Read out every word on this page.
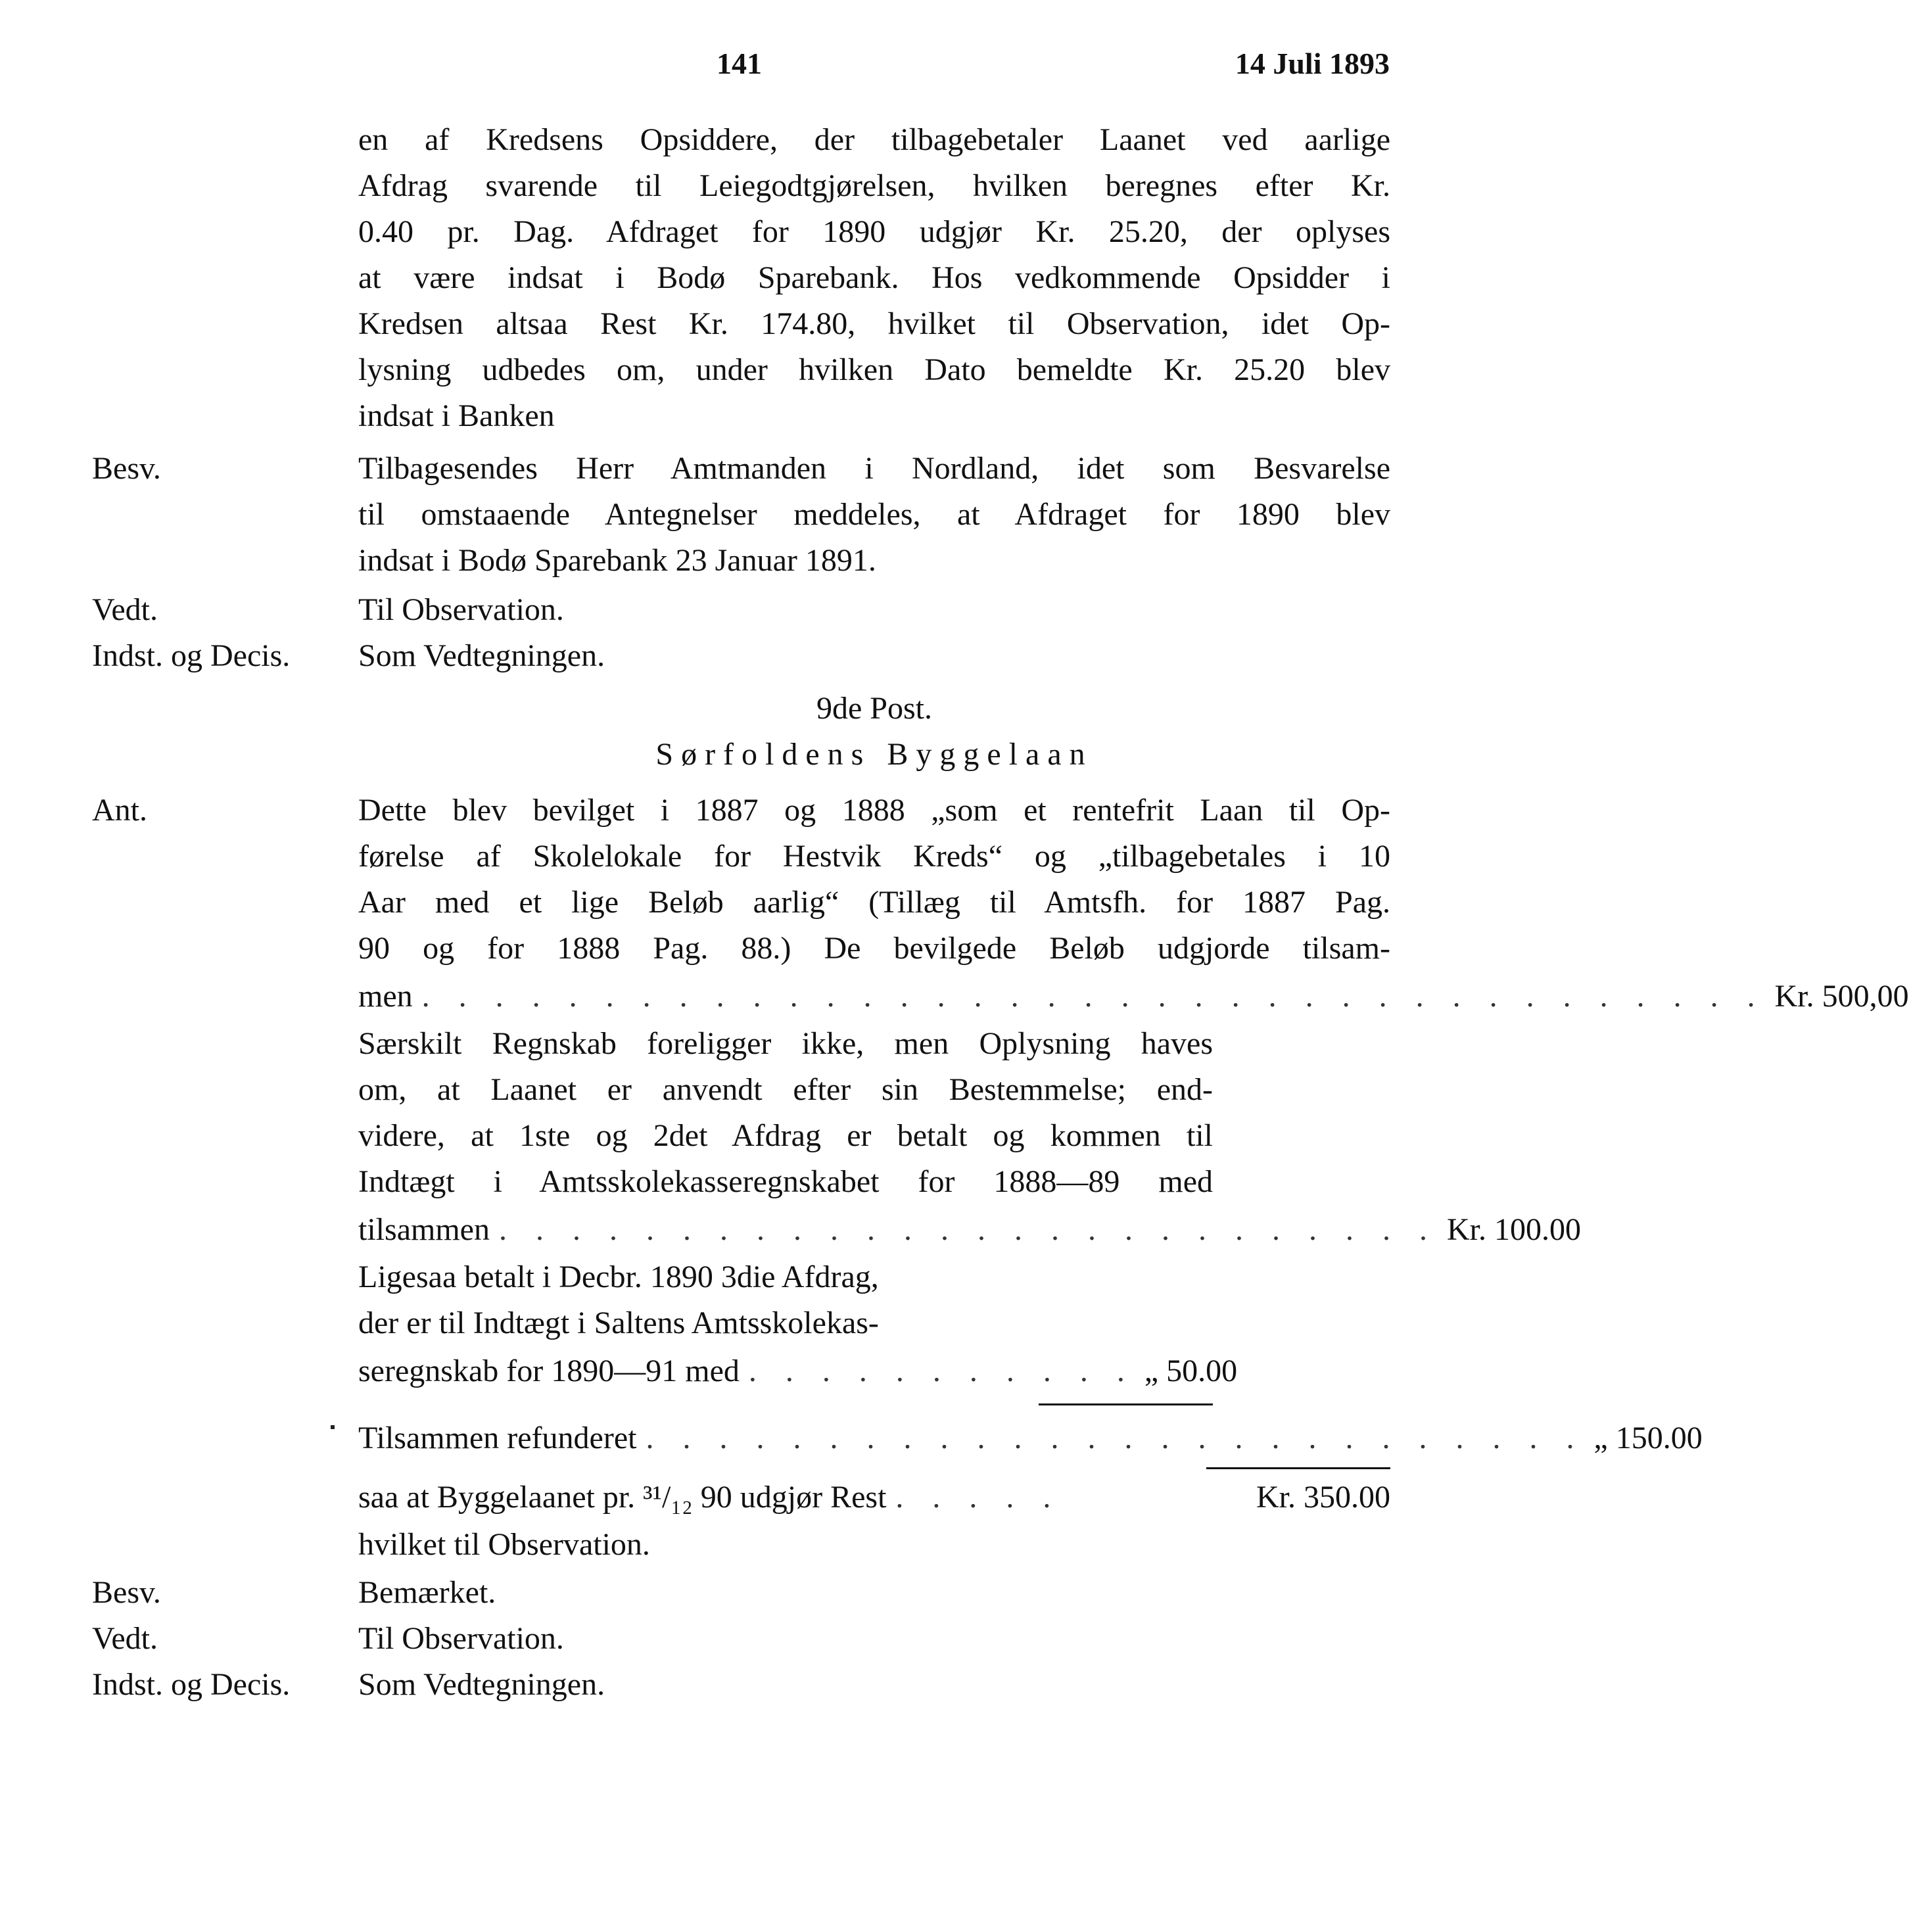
141	14 Juli 1893
en af Kredsens Opsiddere, der tilbagebetaler Laanet ved aarlige
Afdrag svarende til Leiegodtgjørelsen, hvilken beregnes efter Kr.
0.40 pr. Dag. Afdraget for 1890 udgjør Kr. 25.20, der oplyses
at være indsat i Bodø Sparebank. Hos vedkommende Opsidder i
Kredsen altsaa Rest Kr. 174.80, hvilket til Observation, idet Op-
lysning udbedes om, under hvilken Dato bemeldte Kr. 25.20 blev
indsat i Banken
Besv.	Tilbagesendes Herr Amtmanden i Nordland, idet som Besvarelse
til omstaaende Antegnelser meddeles, at Afdraget for 1890 blev
indsat i Bodø Sparebank 23 Januar 1891.
Vedt.	Til Observation.
Indst. og Decis. Som Vedtegningen.
9de Post.
Sørfoldens Byggelaan
Ant.	Dette blev bevilget i 1887 og 1888 „som et rentefrit Laan til Op-
førelse af Skolelokale for Hestvik Kreds“ og „tilbagebetales i 10
Aar med et lige Beløb aarlig“ (Tillæg til Amtsfh. for 1887 Pag.
90 og for 1888 Pag. 88.) De bevilgede Beløb udgjorde tilsam-
men . . . . . . . . . . . . . . . . . . . . . . . . . . . . . . . . . . . . . Kr. 500,00
Særskilt Regnskab foreligger ikke, men Oplysning haves
om, at Laanet er anvendt efter sin Bestemmelse; end-
videre, at 1ste og 2det Afdrag er betalt og kommen til
Indtægt i Amtsskolekasseregnskabet for 1888—89 med
tilsammen . . . . . . . . . . . . . . . . . . . . . . . . . . Kr. 100.00
Ligesaa betalt i Decbr. 1890 3die Afdrag,
der er til Indtægt i Saltens Amtsskolekas-
seregnskab for 1890—91 med . . . . . . . . . . . „ 50.00
Tilsammen refunderet . . . . . . . . . . . . . . . . . . . . . . . . . . „ 150.00
saa at Byggelaanet pr. ³¹/₁₂ 90 udgjør Rest . . . . .	Kr. 350.00
hvilket til Observation.
Besv.	Bemærket.
Vedt.	Til Observation.
Indst. og Decis. Som Vedtegningen.
